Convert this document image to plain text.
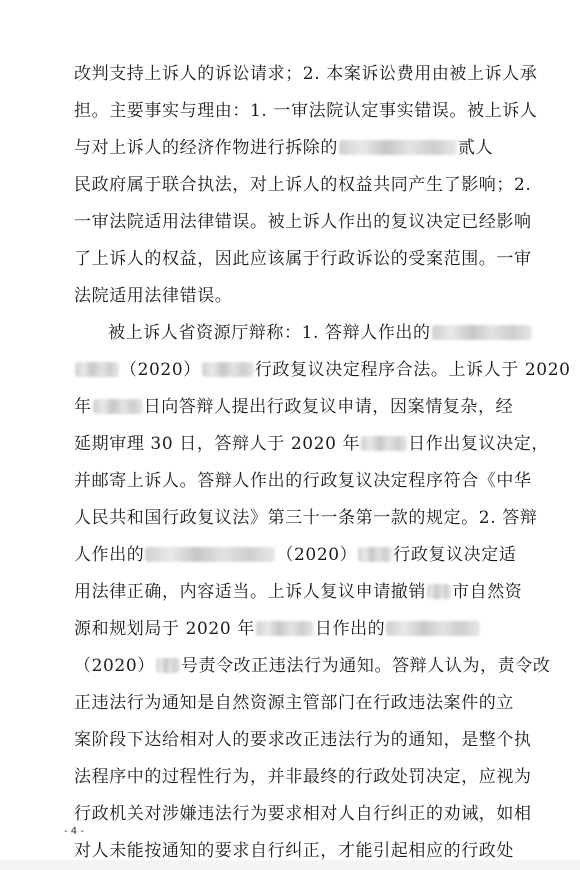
改判支持上诉人的诉讼请求；2. 本案诉讼费用由被上诉人承
担。主要事实与理由：1. 一审法院认定事实错误。被上诉人
与对上诉人的经济作物进行拆除的	贰人
民政府属于联合执法，对上诉人的权益共同产生了影响；2.
一审法院适用法律错误。被上诉人作出的复议决定已经影响
了上诉人的权益，因此应该属于行政诉讼的受案范围。一审
法院适用法律错误。
被上诉人省资源厅辩称：1. 答辩人作出的
（2020）	行政复议决定程序合法。上诉人于 2020
年	日向答辩人提出行政复议申请，因案情复杂，经
延期审理 30 日，答辩人于 2020 年	日作出复议决定，
并邮寄上诉人。答辩人作出的行政复议决定程序符合《中华
人民共和国行政复议法》第三十一条第一款的规定。2. 答辩
人作出的	（2020） 行政复议决定适
用法律正确，内容适当。上诉人复议申请撤销 市自然资
源和规划局于 2020 年	日作出的
（2020） 号责令改正违法行为通知。答辩人认为，责令改
正违法行为通知是自然资源主管部门在行政违法案件的立
案阶段下达给相对人的要求改正违法行为的通知，是整个执
法程序中的过程性行为，并非最终的行政处罚决定，应视为
行政机关对涉嫌违法行为要求相对人自行纠正的劝诫，如相
对人未能按通知的要求自行纠正，才能引起相应的行政处
- 4 -
